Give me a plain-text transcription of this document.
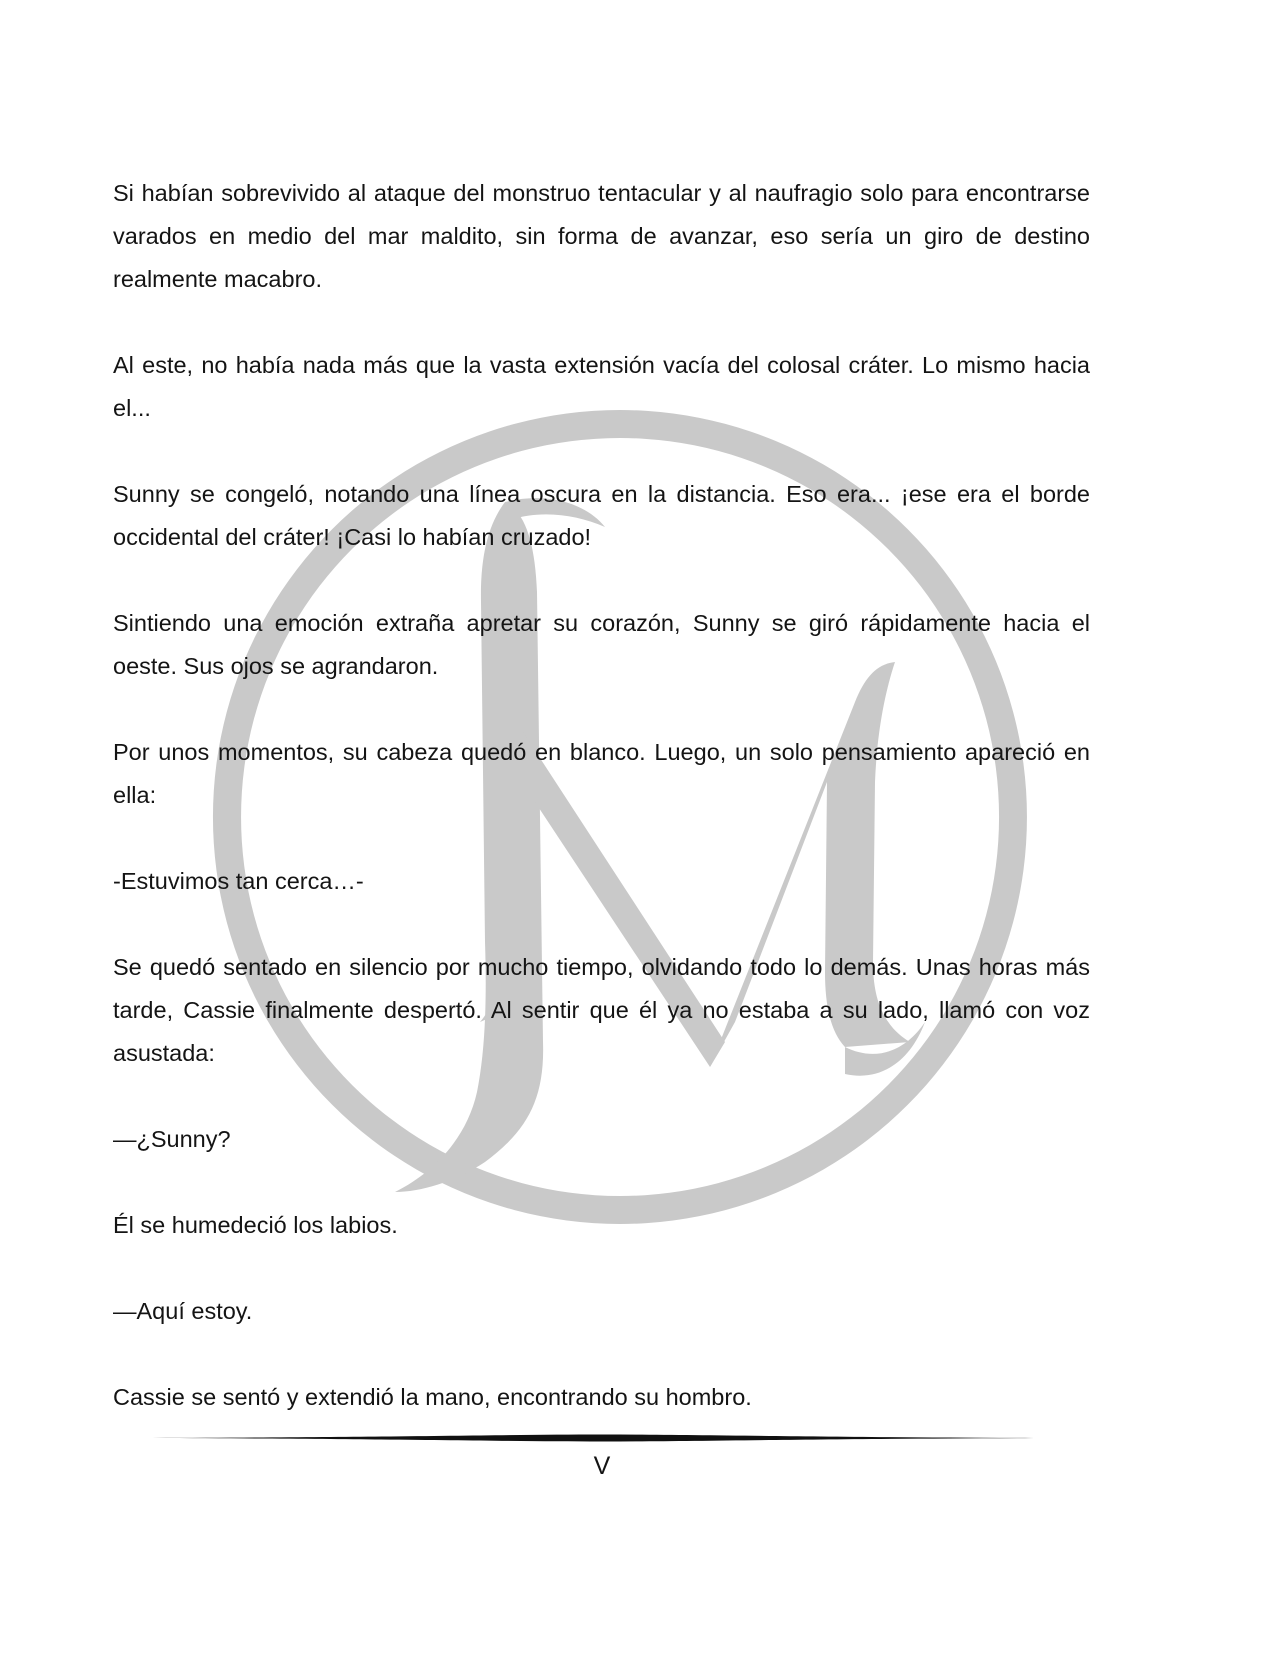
Si habían sobrevivido al ataque del monstruo tentacular y al naufragio solo para encontrarse varados en medio del mar maldito, sin forma de avanzar, eso sería un giro de destino realmente macabro.

Al este, no había nada más que la vasta extensión vacía del colosal cráter. Lo mismo hacia el...

Sunny se congeló, notando una línea oscura en la distancia. Eso era... ¡ese era el borde occidental del cráter! ¡Casi lo habían cruzado!

Sintiendo una emoción extraña apretar su corazón, Sunny se giró rápidamente hacia el oeste. Sus ojos se agrandaron.

Por unos momentos, su cabeza quedó en blanco. Luego, un solo pensamiento apareció en ella:

-Estuvimos tan cerca…-

Se quedó sentado en silencio por mucho tiempo, olvidando todo lo demás. Unas horas más tarde, Cassie finalmente despertó. Al sentir que él ya no estaba a su lado, llamó con voz asustada:

—¿Sunny?

Él se humedeció los labios.

—Aquí estoy.

Cassie se sentó y extendió la mano, encontrando su hombro.

V
